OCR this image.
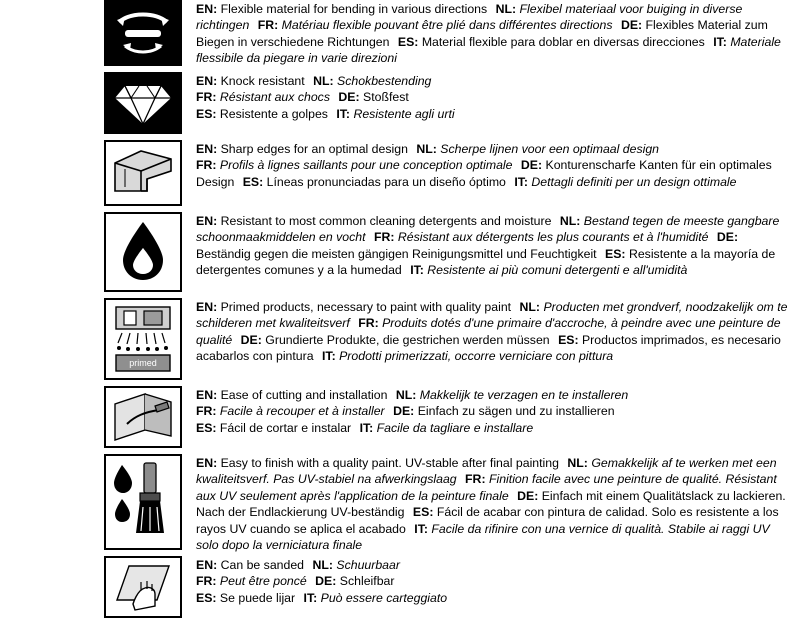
EN: Flexible material for bending in various directions NL: Flexibel materiaal voor buiging in diverse richtingen FR: Matériau flexible pouvant être plié dans différentes directions DE: Flexibles Material zum Biegen in verschiedene Richtungen ES: Material flexible para doblar en diversas direcciones IT: Materiale flessibile da piegare in varie direzioni
EN: Knock resistant NL: Schokbestending
FR: Résistant aux chocs DE: Stoßfest
ES: Resistente a golpes IT: Resistente agli urti
EN: Sharp edges for an optimal design NL: Scherpe lijnen voor een optimaal design
FR: Profils à lignes saillants pour une conception optimale DE: Konturenscharfe Kanten für ein optimales Design ES: Líneas pronunciadas para un diseño óptimo IT: Dettagli definiti per un design ottimale
EN: Resistant to most common cleaning detergents and moisture NL: Bestand tegen de meeste gangbare schoonmaakmiddelen en vocht FR: Résistant aux détergents les plus courants et à l'humidité DE: Beständig gegen die meisten gängigen Reinigungsmittel und Feuchtigkeit ES: Resistente a la mayoría de detergentes comunes y a la humedad IT: Resistente ai più comuni detergenti e all'umidità
primed
EN: Primed products, necessary to paint with quality paint NL: Producten met grondverf, noodzakelijk om te schilderen met kwaliteitsverf FR: Produits dotés d'une primaire d'accroche, à peindre avec une peinture de qualité DE: Grundierte Produkte, die gestrichen werden müssen ES: Productos imprimados, es necesario acabarlos con pintura IT: Prodotti primerizzati, occorre verniciare con pittura
EN: Ease of cutting and installation NL: Makkelijk te verzagen en te installeren
FR: Facile à recouper et à installer DE: Einfach zu sägen und zu installieren
ES: Fácil de cortar e instalar IT: Facile da tagliare e installare
EN: Easy to finish with a quality paint. UV-stable after final painting NL: Gemakkelijk af te werken met een kwaliteitsverf. Pas UV-stabiel na afwerkingslaag FR: Finition facile avec une peinture de qualité. Résistant aux UV seulement après l'application de la peinture finale DE: Einfach mit einem Qualitätslack zu lackieren. Nach der Endlackierung UV-beständig ES: Fácil de acabar con pintura de calidad. Solo es resistente a los rayos UV cuando se aplica el acabado IT: Facile da rifinire con una vernice di qualità. Stabile ai raggi UV solo dopo la verniciatura finale
EN: Can be sanded NL: Schuurbaar
FR: Peut être poncé DE: Schleifbar
ES: Se puede lijar IT: Può essere carteggiato
